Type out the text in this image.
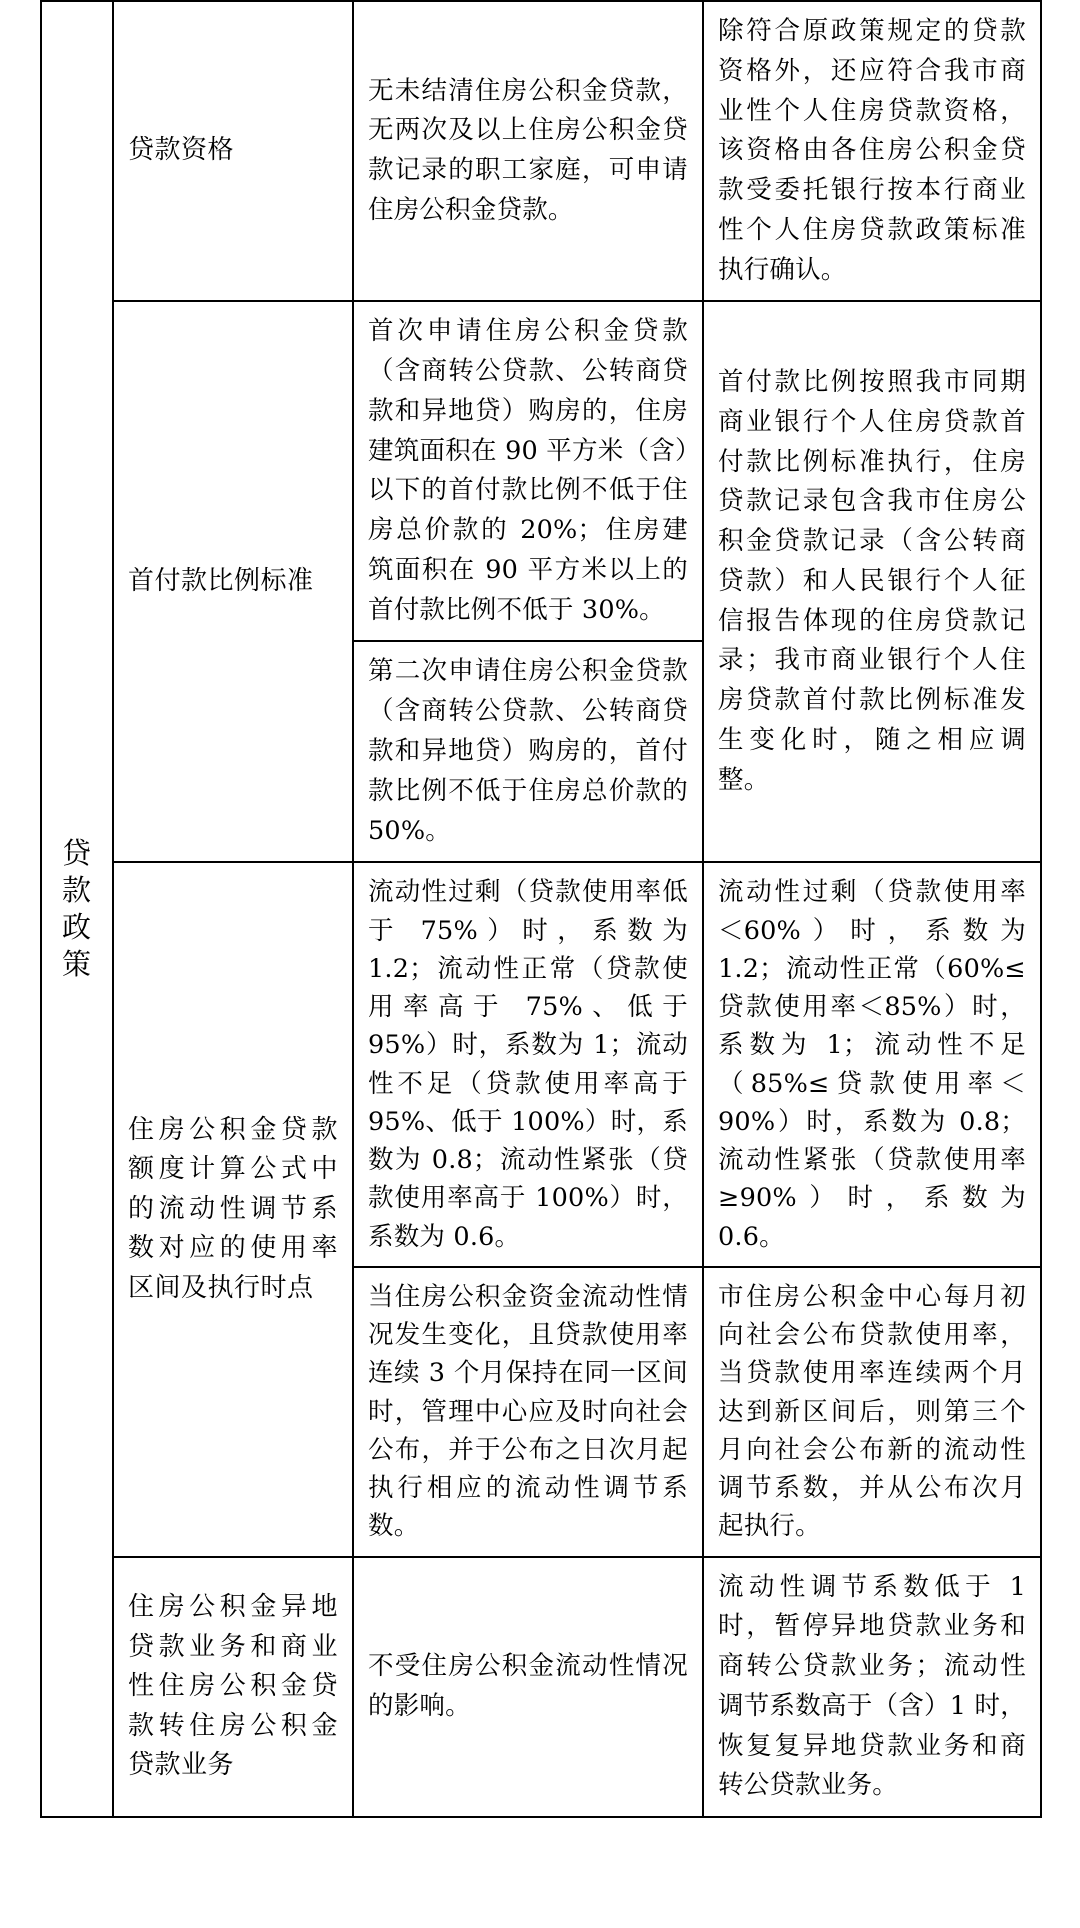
贷
款
政
策	贷款资格	无未结清住房公积金贷款，无两次及以上住房公积金贷款记录的职工家庭，可申请住房公积金贷款。	除符合原政策规定的贷款资格外，还应符合我市商业性个人住房贷款资格，该资格由各住房公积金贷款受委托银行按本行商业性个人住房贷款政策标准执行确认。
	首付款比例标准	首次申请住房公积金贷款（含商转公贷款、公转商贷款和异地贷）购房的，住房建筑面积在 90 平方米（含）以下的首付款比例不低于住房总价款的 20%；住房建筑面积在 90 平方米以上的首付款比例不低于 30%。	首付款比例按照我市同期商业银行个人住房贷款首付款比例标准执行，住房贷款记录包含我市住房公积金贷款记录（含公转商贷款）和人民银行个人征信报告体现的住房贷款记录；我市商业银行个人住房贷款首付款比例标准发生变化时，随之相应调整。
		第二次申请住房公积金贷款（含商转公贷款、公转商贷款和异地贷）购房的，首付款比例不低于住房总价款的 50%。	
	住房公积金贷款额度计算公式中的流动性调节系数对应的使用率区间及执行时点	流动性过剩（贷款使用率低于 75%）时，系数为 1.2；流动性正常（贷款使用率高于 75%、低于 95%）时，系数为 1；流动性不足（贷款使用率高于 95%、低于 100%）时，系数为 0.8；流动性紧张（贷款使用率高于 100%）时，系数为 0.6。	流动性过剩（贷款使用率＜60%）时，系数为 1.2；流动性正常（60%≤贷款使用率＜85%）时，系数为 1；流动性不足（85%≤贷款使用率＜90%）时，系数为 0.8；流动性紧张（贷款使用率≥90%）时，系数为 0.6。
		当住房公积金资金流动性情况发生变化，且贷款使用率连续 3 个月保持在同一区间时，管理中心应及时向社会公布，并于公布之日次月起执行相应的流动性调节系数。	市住房公积金中心每月初向社会公布贷款使用率，当贷款使用率连续两个月达到新区间后，则第三个月向社会公布新的流动性调节系数，并从公布次月起执行。
	住房公积金异地贷款业务和商业性住房公积金贷款转住房公积金贷款业务	不受住房公积金流动性情况的影响。	流动性调节系数低于 1 时，暂停异地贷款业务和商转公贷款业务；流动性调节系数高于（含）1 时，恢复复异地贷款业务和商转公贷款业务。
